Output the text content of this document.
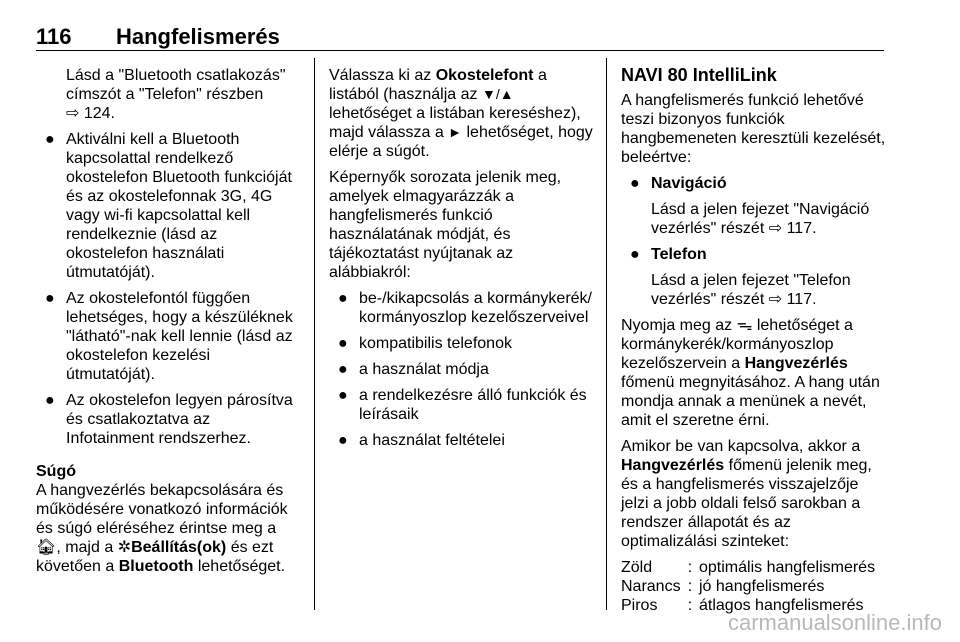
116 Hangfelismerés

Lásd a "Bluetooth csatlakozás" címszót a "Telefon" részben
⇨ 124.

● Aktiválni kell a Bluetooth kapcsolattal rendelkező okostelefon Bluetooth funkcióját és az okostelefonnak 3G, 4G vagy wi-fi kapcsolattal kell rendelkeznie (lásd az okostelefon használati útmutatóját).
● Az okostelefontól függően lehetséges, hogy a készüléknek "látható"-nak kell lennie (lásd az okostelefon kezelési útmutatóját).
● Az okostelefon legyen párosítva és csatlakoztatva az Infotainment rendszerhez.
Súgó

A hangvezérlés bekapcsolására és működésére vonatkozó információk és súgó eléréséhez érintse meg a 🏠︎, majd a ✲Beállítás(ok) és ezt követően a Bluetooth lehetőséget.

Válassza ki az Okostelefont a listából (használja az ▼/▲ lehetőséget a listában kereséshez), majd válassza a ► lehetőséget, hogy elérje a súgót.

Képernyők sorozata jelenik meg, amelyek elmagyarázzák a hangfelismerés funkció használatának módját, és tájékoztatást nyújtanak az alábbiakról:

● be-/kikapcsolás a kormánykerék/ kormányoszlop kezelőszerveivel
● kompatibilis telefonok
● a használat módja
● a rendelkezésre álló funkciók és leírásaik
● a használat feltételei
NAVI 80 IntelliLink

A hangfelismerés funkció lehetővé teszi bizonyos funkciók hangbemeneten keresztüli kezelését, beleértve:

● Navigáció
Lásd a jelen fejezet "Navigáció vezérlés" részét ⇨ 117.
● Telefon
Lásd a jelen fejezet "Telefon vezérlés" részét ⇨ 117.

Nyomja meg az ᯓ lehetőséget a kormánykerék/kormányoszlop kezelőszervein a Hangvezérlés főmenü megnyitásához. A hang után mondja annak a menünek a nevét, amit el szeretne érni.

Amikor be van kapcsolva, akkor a Hangvezérlés főmenü jelenik meg, és a hangfelismerés visszajelzője jelzi a jobb oldali felső sarokban a rendszer állapotát és az optimalizálási szinteket:

Zöld	:	optimális hangfelismerés
Narancs	:	jó hangfelismerés
Piros	:	átlagos hangfelismerés
carmanualsonline.info
